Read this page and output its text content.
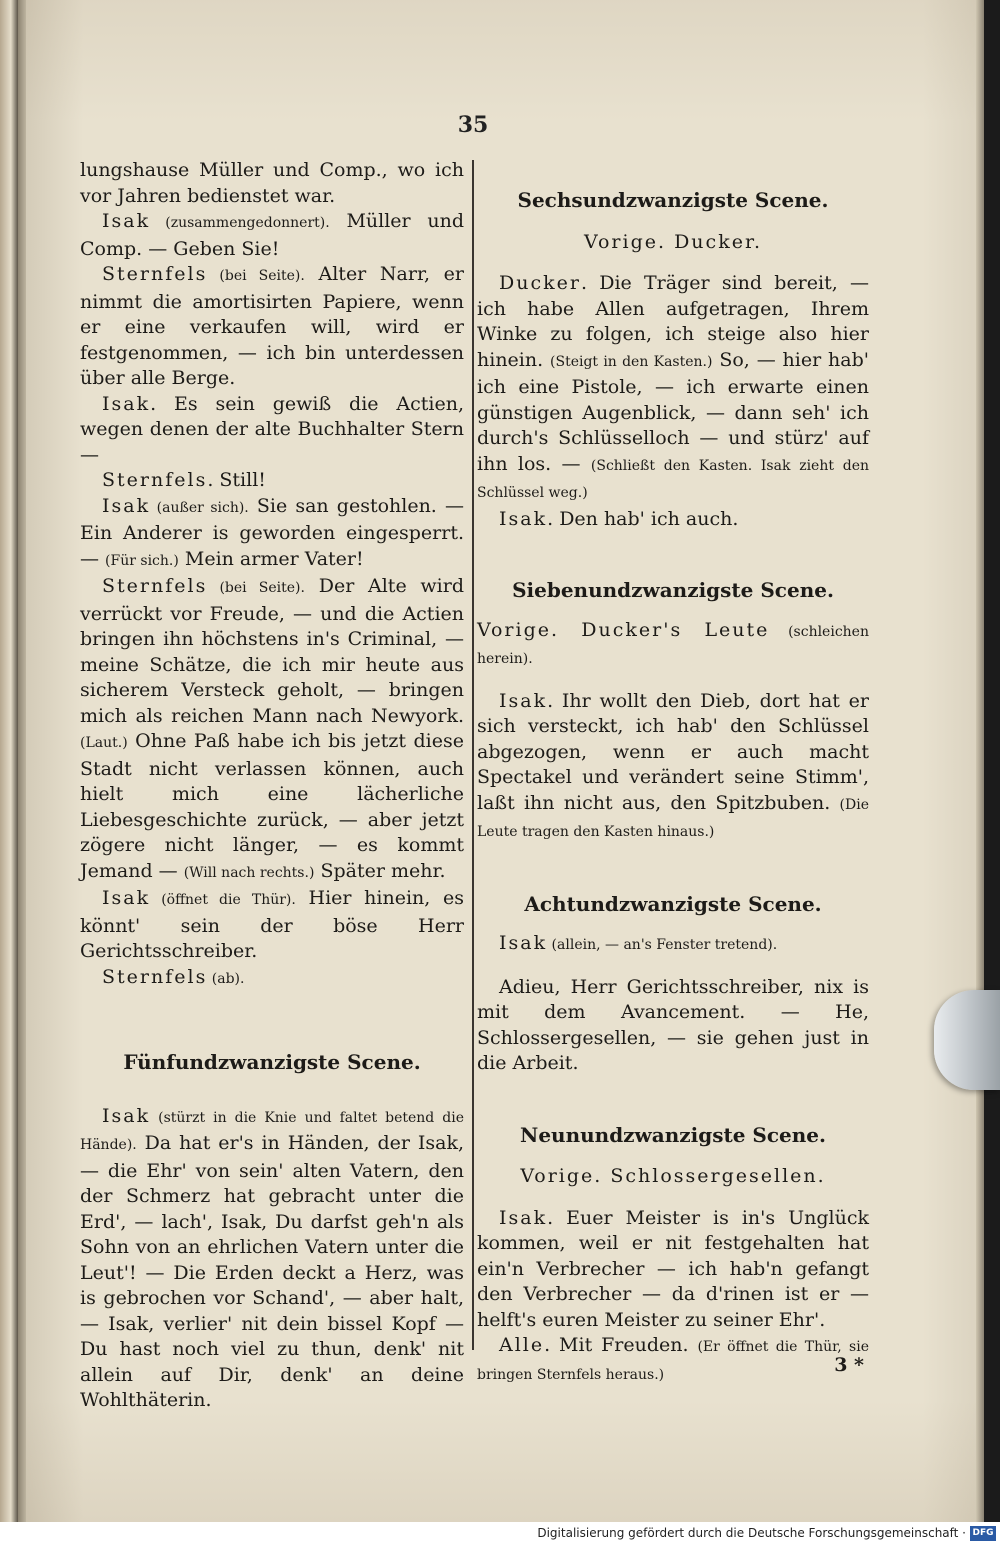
35

lungshause Müller und Comp., wo ich vor Jahren bedienstet war.

Isak (zusammengedonnert). Müller und Comp. — Geben Sie!

Sternfels (bei Seite). Alter Narr, er nimmt die amortisirten Papiere, wenn er eine verkaufen will, wird er festgenommen, — ich bin unterdessen über alle Berge.

Isak. Es sein gewiß die Actien, wegen denen der alte Buchhalter Stern —

Sternfels. Still!

Isak (außer sich). Sie san gestohlen. — Ein Anderer is geworden eingesperrt. — (Für sich.) Mein armer Vater!

Sternfels (bei Seite). Der Alte wird verrückt vor Freude, — und die Actien bringen ihn höchstens in's Criminal, — meine Schätze, die ich mir heute aus sicherem Versteck geholt, — bringen mich als reichen Mann nach Newyork. (Laut.) Ohne Paß habe ich bis jetzt diese Stadt nicht verlassen können, auch hielt mich eine lächerliche Liebesgeschichte zurück, — aber jetzt zögere nicht länger, — es kommt Jemand — (Will nach rechts.) Später mehr.

Isak (öffnet die Thür). Hier hinein, es könnt' sein der böse Herr Gerichtsschreiber.

Sternfels (ab).

Fünfundzwanzigste Scene.

Isak (stürzt in die Knie und faltet betend die Hände). Da hat er's in Händen, der Isak, — die Ehr' von sein' alten Vatern, den der Schmerz hat gebracht unter die Erd', — lach', Isak, Du darfst geh'n als Sohn von an ehrlichen Vatern unter die Leut'! — Die Erden deckt a Herz, was is gebrochen vor Schand', — aber halt, — Isak, verlier' nit dein bissel Kopf — Du hast noch viel zu thun, denk' nit allein auf Dir, denk' an deine Wohlthäterin.

Sechsundzwanzigste Scene.

Vorige. Ducker.

Ducker. Die Träger sind bereit, — ich habe Allen aufgetragen, Ihrem Winke zu folgen, ich steige also hier hinein. (Steigt in den Kasten.) So, — hier hab' ich eine Pistole, — ich erwarte einen günstigen Augenblick, — dann seh' ich durch's Schlüsselloch — und stürz' auf ihn los. — (Schließt den Kasten. Isak zieht den Schlüssel weg.)

Isak. Den hab' ich auch.

Siebenundzwanzigste Scene.

Vorige. Ducker's Leute (schleichen herein).

Isak. Ihr wollt den Dieb, dort hat er sich versteckt, ich hab' den Schlüssel abgezogen, wenn er auch macht Spectakel und verändert seine Stimm', laßt ihn nicht aus, den Spitzbuben. (Die Leute tragen den Kasten hinaus.)

Achtundzwanzigste Scene.

Isak (allein, — an's Fenster tretend).

Adieu, Herr Gerichtsschreiber, nix is mit dem Avancement. — He, Schlossergesellen, — sie gehen just in die Arbeit.

Neunundzwanzigste Scene.

Vorige. Schlossergesellen.

Isak. Euer Meister is in's Unglück kommen, weil er nit festgehalten hat ein'n Verbrecher — ich hab'n gefangt den Verbrecher — da d'rinen ist er — helft's euren Meister zu seiner Ehr'.

Alle. Mit Freuden. (Er öffnet die Thür, sie bringen Sternfels heraus.)	3 *
Digitalisierung gefördert durch die Deutsche Forschungsgemeinschaft · DFG
